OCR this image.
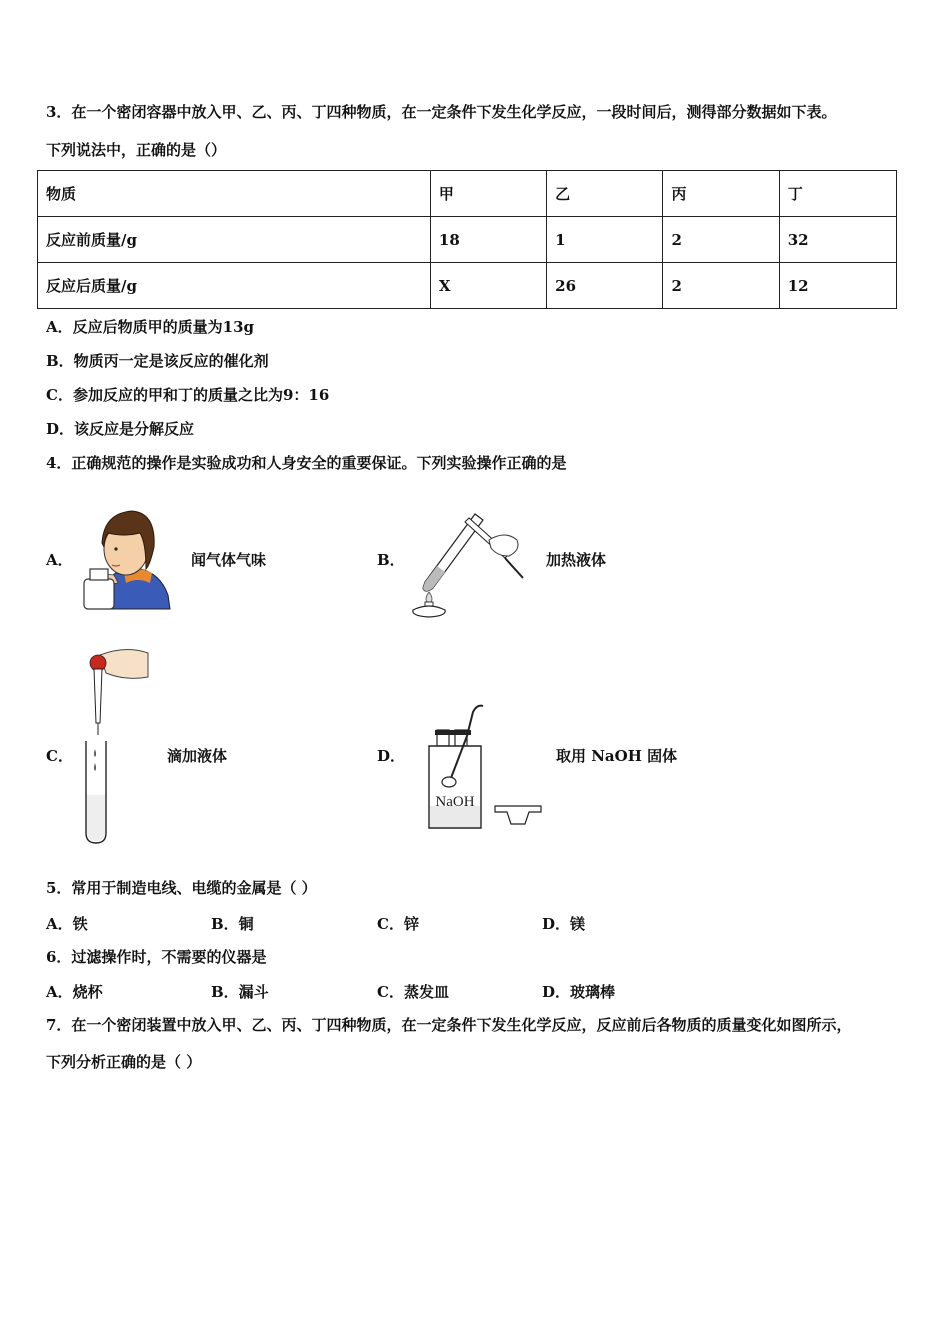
3．在一个密闭容器中放入甲、乙、丙、丁四种物质，在一定条件下发生化学反应，一段时间后，测得部分数据如下表。
下列说法中，正确的是（）
物质	甲	乙	丙	丁
反应前质量/g	18	1	2	32
反应后质量/g	X	26	2	12
A．反应后物质甲的质量为13g
B．物质丙一定是该反应的催化剂
C．参加反应的甲和丁的质量之比为9：16
D．该反应是分解反应
4．正确规范的操作是实验成功和人身安全的重要保证。下列实验操作正确的是
A．	闻气体气味	B．	加热液体
C．	滴加液体	D．
NaOH
取用 NaOH 固体
5．常用于制造电线、电缆的金属是（ ）
A．铁	B．铜	C．锌	D．镁
6．过滤操作时，不需要的仪器是
A．烧杯	B．漏斗	C．蒸发皿	D．玻璃棒
7．在一个密闭装置中放入甲、乙、丙、丁四种物质，在一定条件下发生化学反应，反应前后各物质的质量变化如图所示，
下列分析正确的是（ ）
